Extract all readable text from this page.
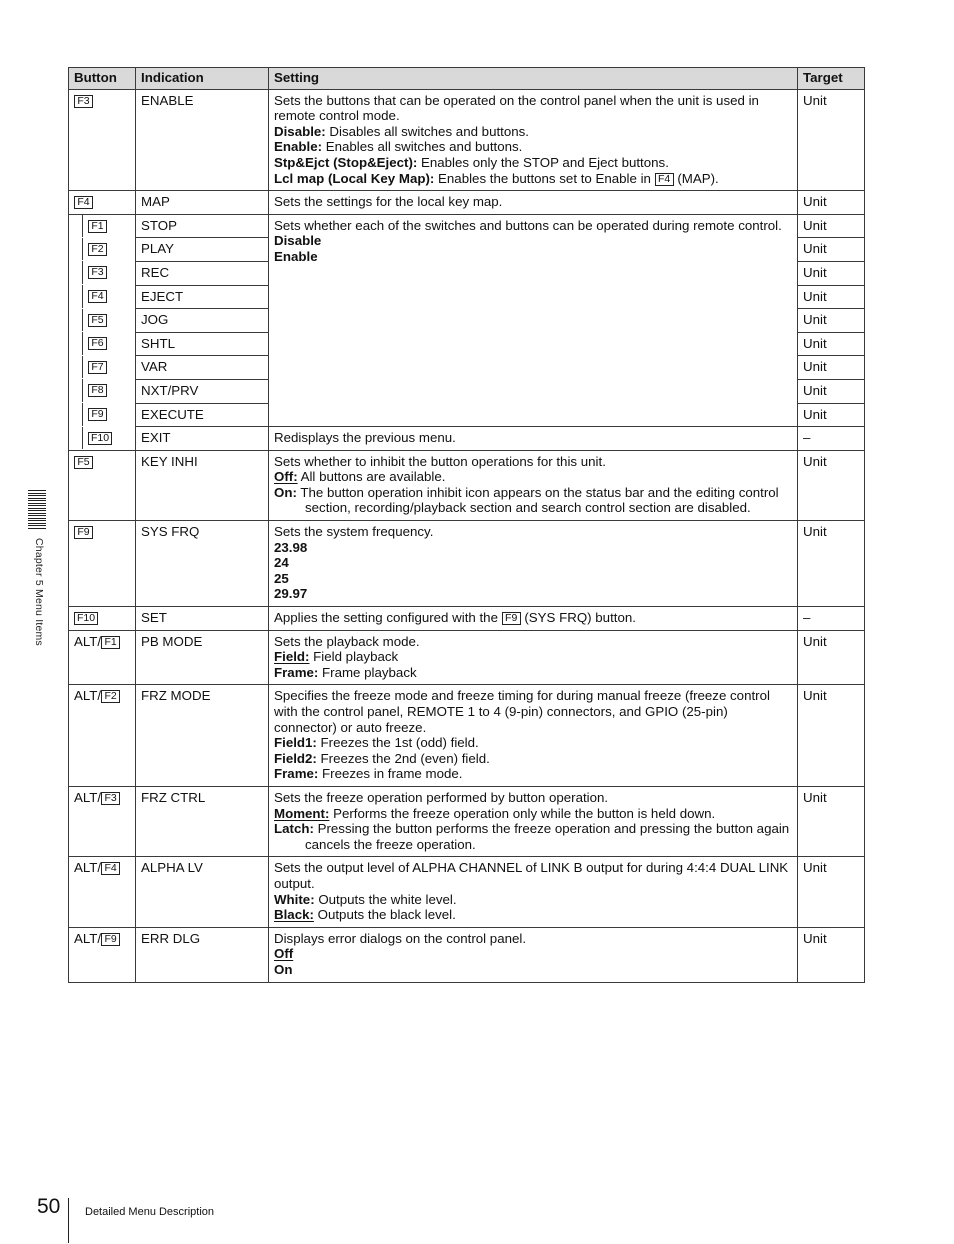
Button	Indication	Setting	Target
F3	ENABLE	Sets the buttons that can be operated on the control panel when the unit is used in remote control mode.
Disable: Disables all switches and buttons.
Enable: Enables all switches and buttons.
Stp&Ejct (Stop&Eject): Enables only the STOP and Eject buttons.
Lcl map (Local Key Map): Enables the buttons set to Enable in F4 (MAP).	Unit
F4	MAP	Sets the settings for the local key map.	Unit

F1	STOP	Sets whether each of the switches and buttons can be operated during remote control.
Disable
Enable	Unit

F2	PLAY		Unit

F3	REC		Unit

F4	EJECT		Unit

F5	JOG		Unit

F6	SHTL		Unit

F7	VAR		Unit

F8	NXT/PRV		Unit

F9	EXECUTE		Unit

F10	EXIT	Redisplays the previous menu.	–
F5	KEY INHI	Sets whether to inhibit the button operations for this unit.
Off: All buttons are available.
On: The button operation inhibit icon appears on the status bar and the editing control section, recording/playback section and search control section are disabled.	Unit
F9	SYS FRQ	Sets the system frequency.
23.98
24
25
29.97	Unit
F10	SET	Applies the setting configured with the F9 (SYS FRQ) button.	–
ALT/ F1	PB MODE	Sets the playback mode.
Field: Field playback
Frame: Frame playback	Unit
ALT/ F2	FRZ MODE	Specifies the freeze mode and freeze timing for during manual freeze (freeze control with the control panel, REMOTE 1 to 4 (9-pin) connectors, and GPIO (25-pin) connector) or auto freeze.
Field1: Freezes the 1st (odd) field.
Field2: Freezes the 2nd (even) field.
Frame: Freezes in frame mode.	Unit
ALT/ F3	FRZ CTRL	Sets the freeze operation performed by button operation.
Moment: Performs the freeze operation only while the button is held down.
Latch: Pressing the button performs the freeze operation and pressing the button again cancels the freeze operation.	Unit
ALT/ F4	ALPHA LV	Sets the output level of ALPHA CHANNEL of LINK B output for during 4:4:4 DUAL LINK output.
White: Outputs the white level.
Black: Outputs the black level.	Unit
ALT/ F9	ERR DLG	Displays error dialogs on the control panel.
Off
On	Unit
Chapter 5 Menu Items
50 Detailed Menu Description
